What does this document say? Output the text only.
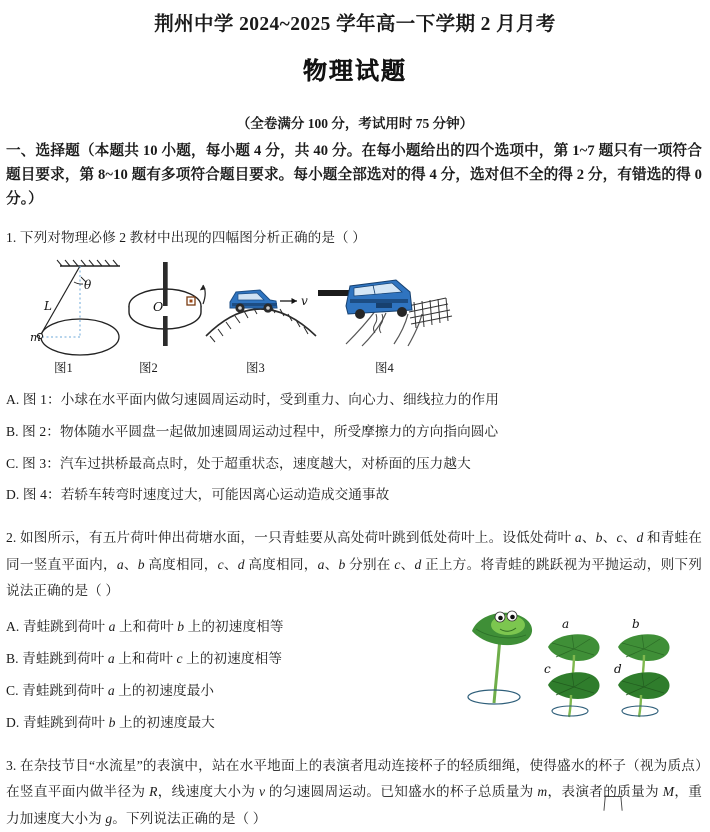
荆州中学 2024~2025 学年高一下学期 2 月月考
物理试题
（全卷满分 100 分，考试用时 75 分钟）
一、选择题（本题共 10 小题，每小题 4 分，共 40 分。在每小题给出的四个选项中，第 1~7 题只有一项符合题目要求，第 8~10 题有多项符合题目要求。每小题全部选对的得 4 分，选对但不全的得 2 分，有错选的得 0 分。）
1. 下列对物理必修 2 教材中出现的四幅图分析正确的是（ ）
L
θ
m
O	v
图1	图2	图3	图4
A. 图 1：小球在水平面内做匀速圆周运动时，受到重力、向心力、细线拉力的作用
B. 图 2：物体随水平圆盘一起做加速圆周运动过程中，所受摩擦力的方向指向圆心
C. 图 3：汽车过拱桥最高点时，处于超重状态，速度越大，对桥面的压力越大
D. 图 4：若轿车转弯时速度过大，可能因离心运动造成交通事故
2. 如图所示，有五片荷叶伸出荷塘水面，一只青蛙要从高处荷叶跳到低处荷叶上。设低处荷叶 a、b、c、d 和青蛙在同一竖直平面内，a、b 高度相同，c、d 高度相同，a、b 分别在 c、d 正上方。将青蛙的跳跃视为平抛运动，则下列说法正确的是（ ）
A. 青蛙跳到荷叶 a 上和荷叶 b 上的初速度相等
B. 青蛙跳到荷叶 a 上和荷叶 c 上的初速度相等
C. 青蛙跳到荷叶 a 上的初速度最小
D. 青蛙跳到荷叶 b 上的初速度最大
a	b
c	d
3. 在杂技节目“水流星”的表演中，站在水平地面上的表演者甩动连接杯子的轻质细绳，使得盛水的杯子（视为质点）在竖直平面内做半径为 R，线速度大小为 v 的匀速圆周运动。已知盛水的杯子总质量为 m，表演者的质量为 M，重力加速度大小为 g。下列说法正确的是（ ）
